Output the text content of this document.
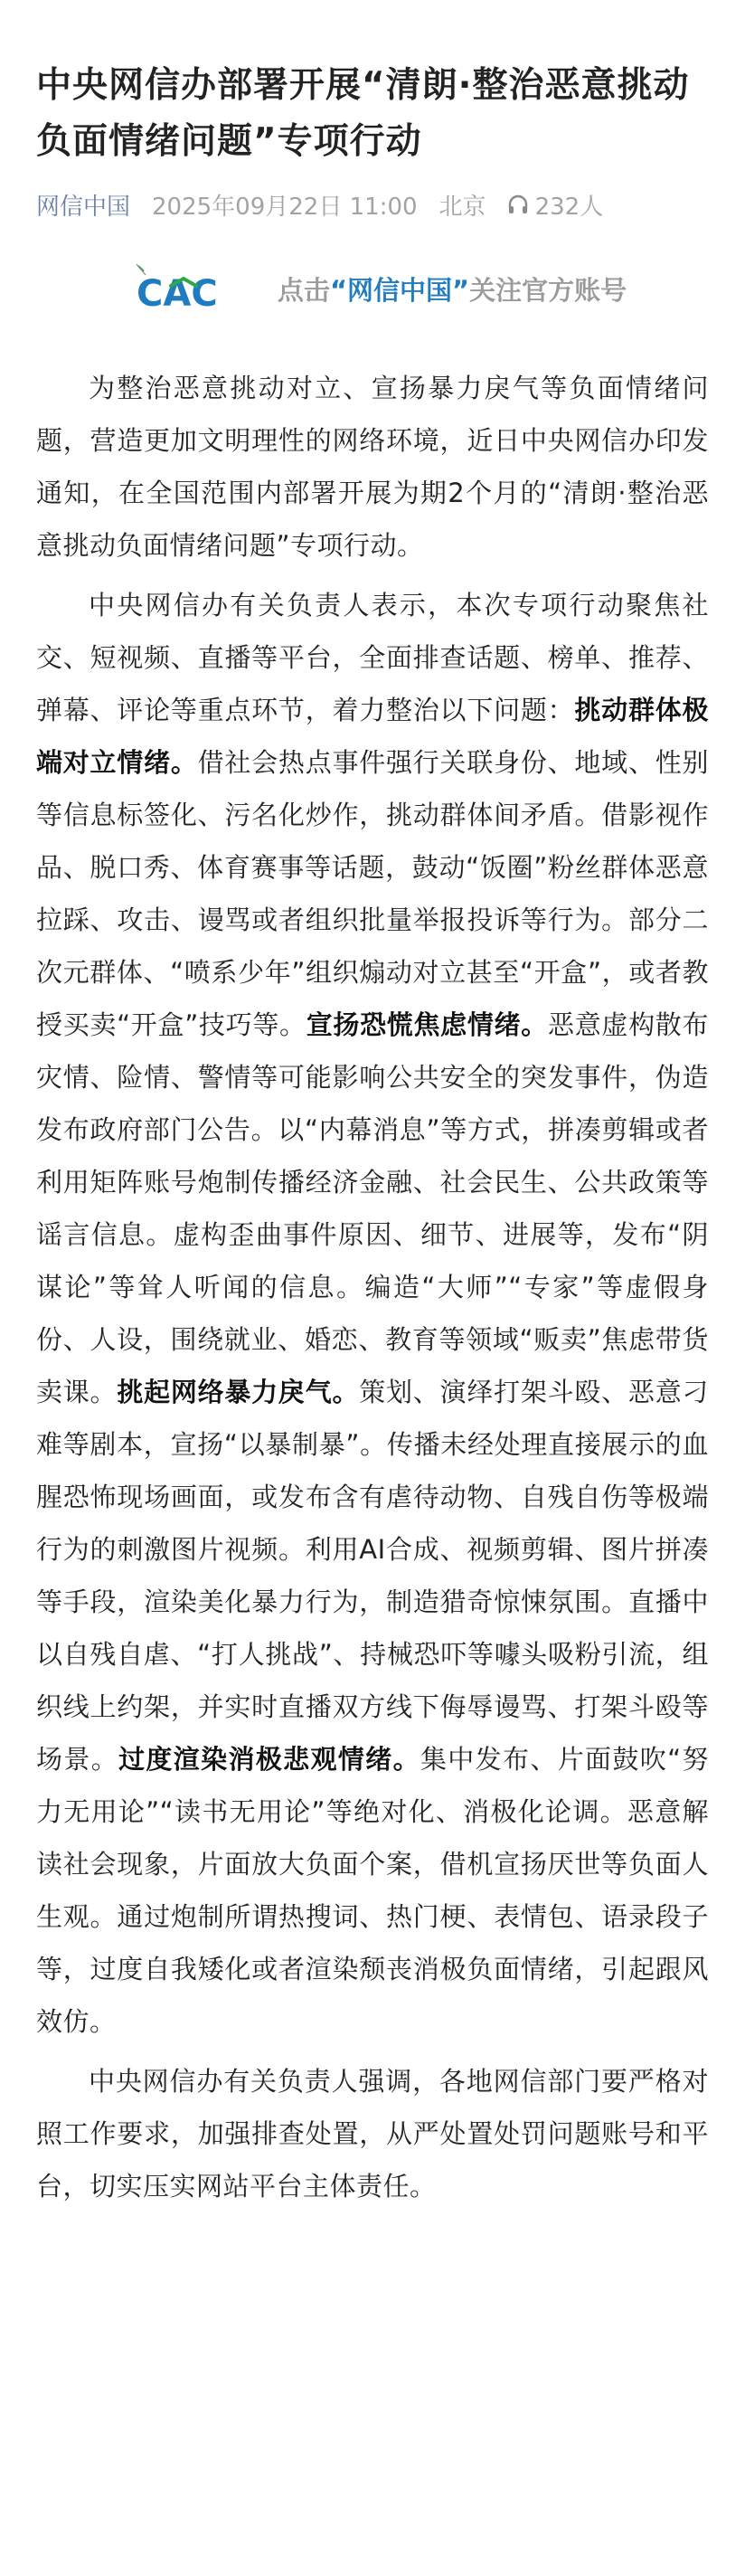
中央网信办部署开展“清朗·整治恶意挑动负面情绪问题”专项行动
网信中国 2025年09月22日 11:00 北京 232人
CAC 点击“网信中国”关注官方账号

为整治恶意挑动对立、宣扬暴力戾气等负面情绪问题，营造更加文明理性的网络环境，近日中央网信办印发通知，在全国范围内部署开展为期2个月的“清朗·整治恶意挑动负面情绪问题”专项行动。

中央网信办有关负责人表示，本次专项行动聚焦社交、短视频、直播等平台，全面排查话题、榜单、推荐、弹幕、评论等重点环节，着力整治以下问题：挑动群体极端对立情绪。借社会热点事件强行关联身份、地域、性别等信息标签化、污名化炒作，挑动群体间矛盾。借影视作品、脱口秀、体育赛事等话题，鼓动“饭圈”粉丝群体恶意拉踩、攻击、谩骂或者组织批量举报投诉等行为。部分二次元群体、“喷系少年”组织煽动对立甚至“开盒”，或者教授买卖“开盒”技巧等。宣扬恐慌焦虑情绪。恶意虚构散布灾情、险情、警情等可能影响公共安全的突发事件，伪造发布政府部门公告。以“内幕消息”等方式，拼凑剪辑或者利用矩阵账号炮制传播经济金融、社会民生、公共政策等谣言信息。虚构歪曲事件原因、细节、进展等，发布“阴谋论”等耸人听闻的信息。编造“大师”“专家”等虚假身份、人设，围绕就业、婚恋、教育等领域“贩卖”焦虑带货卖课。挑起网络暴力戾气。策划、演绎打架斗殴、恶意刁难等剧本，宣扬“以暴制暴”。传播未经处理直接展示的血腥恐怖现场画面，或发布含有虐待动物、自残自伤等极端行为的刺激图片视频。利用AI合成、视频剪辑、图片拼凑等手段，渲染美化暴力行为，制造猎奇惊悚氛围。直播中以自残自虐、“打人挑战”、持械恐吓等噱头吸粉引流，组织线上约架，并实时直播双方线下侮辱谩骂、打架斗殴等场景。过度渲染消极悲观情绪。集中发布、片面鼓吹“努力无用论”“读书无用论”等绝对化、消极化论调。恶意解读社会现象，片面放大负面个案，借机宣扬厌世等负面人生观。通过炮制所谓热搜词、热门梗、表情包、语录段子等，过度自我矮化或者渲染颓丧消极负面情绪，引起跟风效仿。

中央网信办有关负责人强调，各地网信部门要严格对照工作要求，加强排查处置，从严处置处罚问题账号和平台，切实压实网站平台主体责任。
